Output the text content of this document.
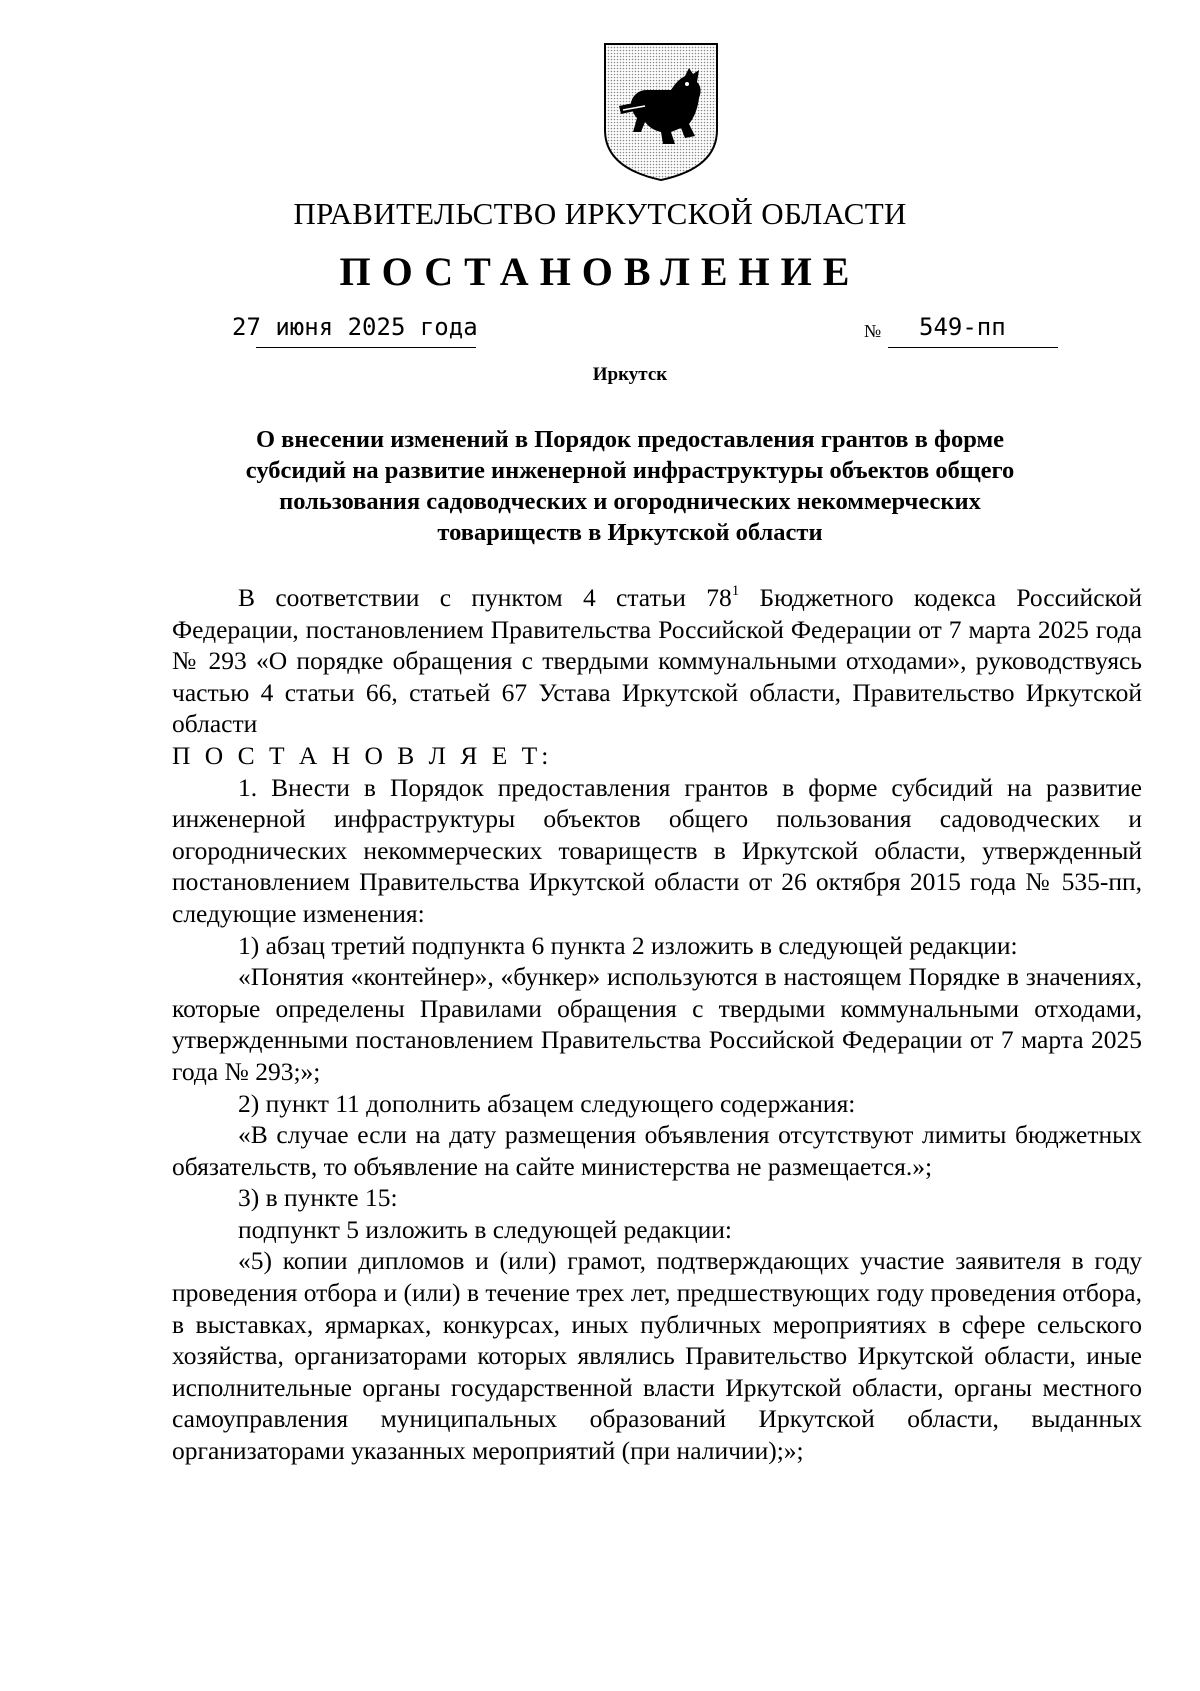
ПРАВИТЕЛЬСТВО ИРКУТСКОЙ ОБЛАСТИ
ПОСТАНОВЛЕНИЕ
27 июня 2025 года	№ 549-пп
Иркутск
О внесении изменений в Порядок предоставления грантов в форме
субсидий на развитие инженерной инфраструктуры объектов общего
пользования садоводческих и огороднических некоммерческих
товариществ в Иркутской области

В соответствии с пунктом 4 статьи $78^1$ Бюджетного кодекса Российской Федерации, постановлением Правительства Российской Федерации от 7 марта 2025 года № 293 «О порядке обращения с твердыми коммунальными отходами», руководствуясь частью 4 статьи 66, статьей 67 Устава Иркутской области, Правительство Иркутской области

П О С Т А Н О В Л Я Е Т:

1. Внести в Порядок предоставления грантов в форме субсидий на развитие инженерной инфраструктуры объектов общего пользования садоводческих и огороднических некоммерческих товариществ в Иркутской области, утвержденный постановлением Правительства Иркутской области от 26 октября 2015 года № 535-пп, следующие изменения:

1) абзац третий подпункта 6 пункта 2 изложить в следующей редакции:

«Понятия «контейнер», «бункер» используются в настоящем Порядке в значениях, которые определены Правилами обращения с твердыми коммунальными отходами, утвержденными постановлением Правительства Российской Федерации от 7 марта 2025 года № 293;»;

2) пункт 11 дополнить абзацем следующего содержания:

«В случае если на дату размещения объявления отсутствуют лимиты бюджетных обязательств, то объявление на сайте министерства не размещается.»;

3) в пункте 15:

подпункт 5 изложить в следующей редакции:

«5) копии дипломов и (или) грамот, подтверждающих участие заявителя в году проведения отбора и (или) в течение трех лет, предшествующих году проведения отбора, в выставках, ярмарках, конкурсах, иных публичных мероприятиях в сфере сельского хозяйства, организаторами которых являлись Правительство Иркутской области, иные исполнительные органы государственной власти Иркутской области, органы местного самоуправления муниципальных образований Иркутской области, выданных организаторами указанных мероприятий (при наличии);»;
